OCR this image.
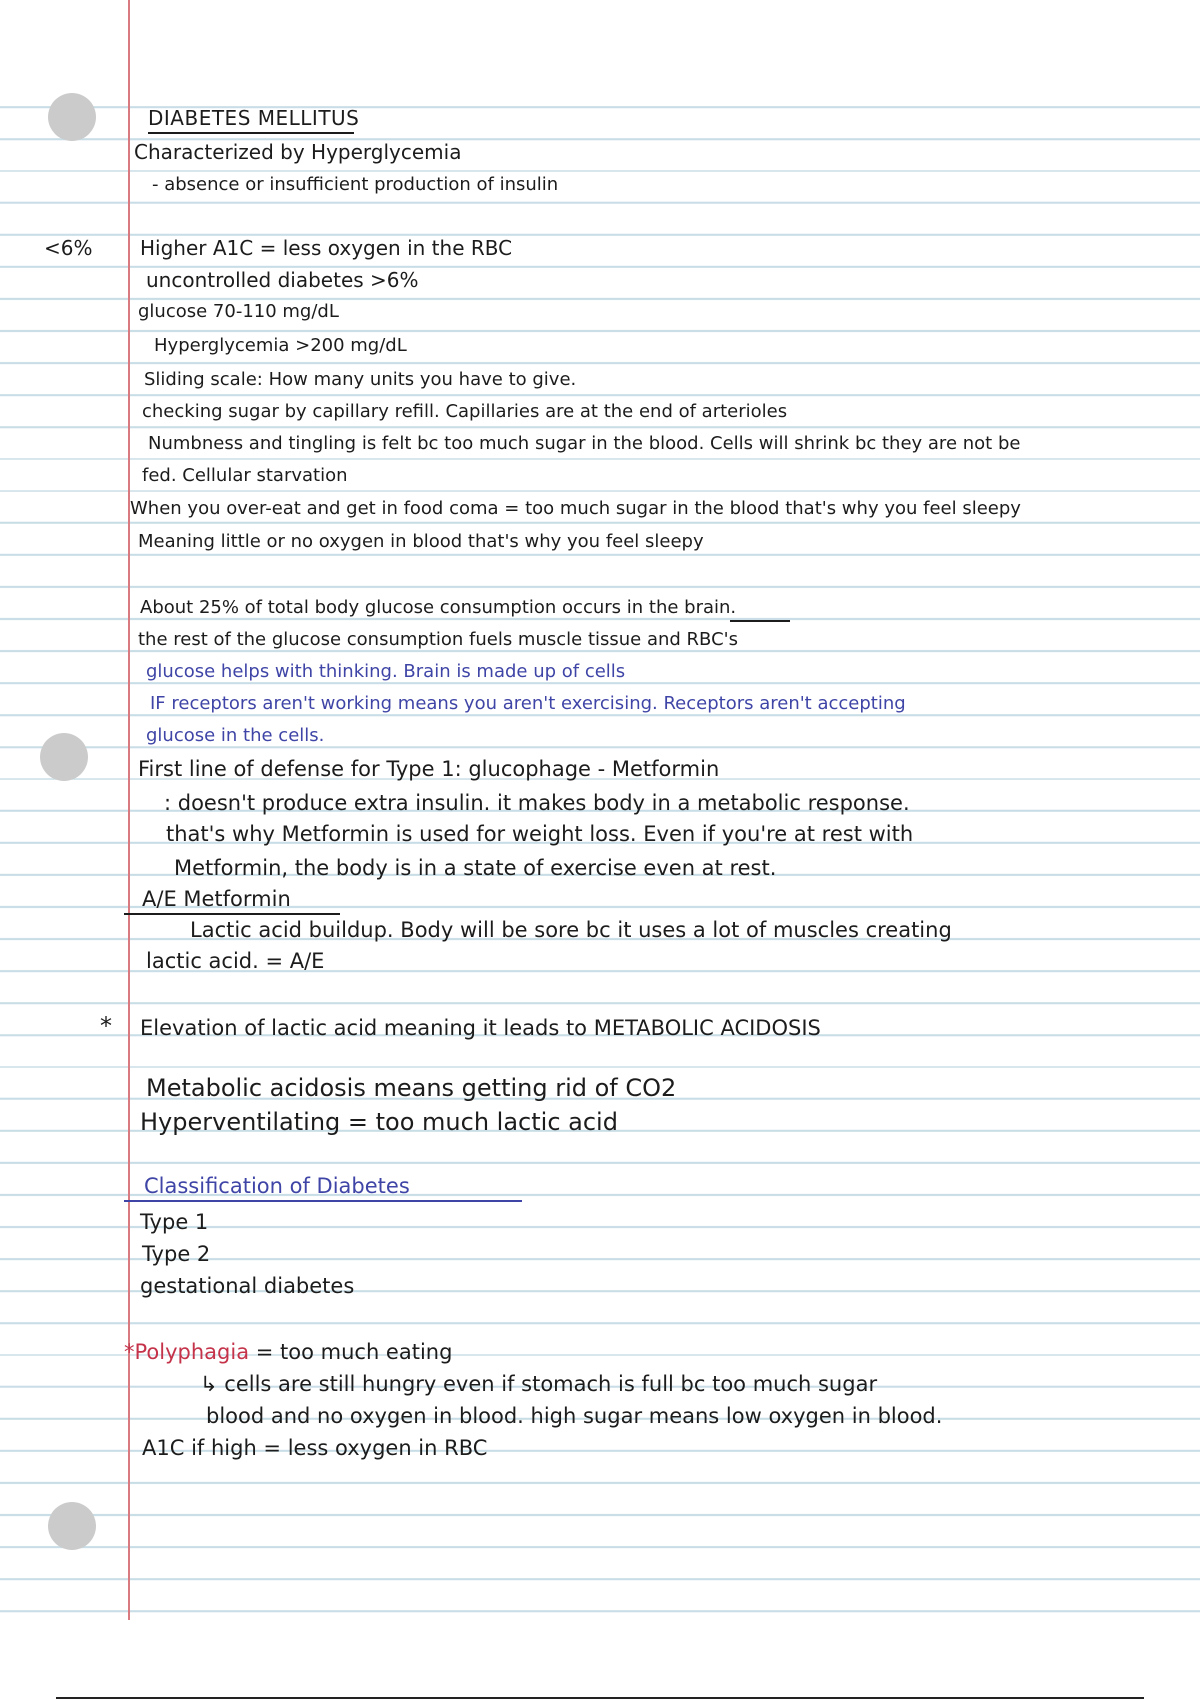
DIABETES MELLITUS
Characterized by Hyperglycemia
- absence or insufficient production of insulin
<6% Higher A1C = less oxygen in the RBC
uncontrolled diabetes >6%
glucose 70-110 mg/dL
Hyperglycemia >200 mg/dL
Sliding scale: How many units you have to give.
checking sugar by capillary refill. Capillaries are at the end of arterioles
Numbness and tingling is felt bc too much sugar in the blood. Cells will shrink bc they are not be
fed. Cellular starvation
When you over-eat and get in food coma = too much sugar in the blood that's why you feel sleepy
Meaning little or no oxygen in blood that's why you feel sleepy
About 25% of total body glucose consumption occurs in the brain.
the rest of the glucose consumption fuels muscle tissue and RBC's
glucose helps with thinking. Brain is made up of cells
IF receptors aren't working means you aren't exercising. Receptors aren't accepting
glucose in the cells.
First line of defense for Type 1: glucophage - Metformin
: doesn't produce extra insulin. it makes body in a metabolic response.
that's why Metformin is used for weight loss. Even if you're at rest with
Metformin, the body is in a state of exercise even at rest.
A/E Metformin
Lactic acid buildup. Body will be sore bc it uses a lot of muscles creating
lactic acid. = A/E
* Elevation of lactic acid meaning it leads to METABOLIC ACIDOSIS
Metabolic acidosis means getting rid of CO2
Hyperventilating = too much lactic acid
Classification of Diabetes
Type 1
Type 2
gestational diabetes
*Polyphagia = too much eating
↳ cells are still hungry even if stomach is full bc too much sugar
blood and no oxygen in blood. high sugar means low oxygen in blood.
A1C if high = less oxygen in RBC
